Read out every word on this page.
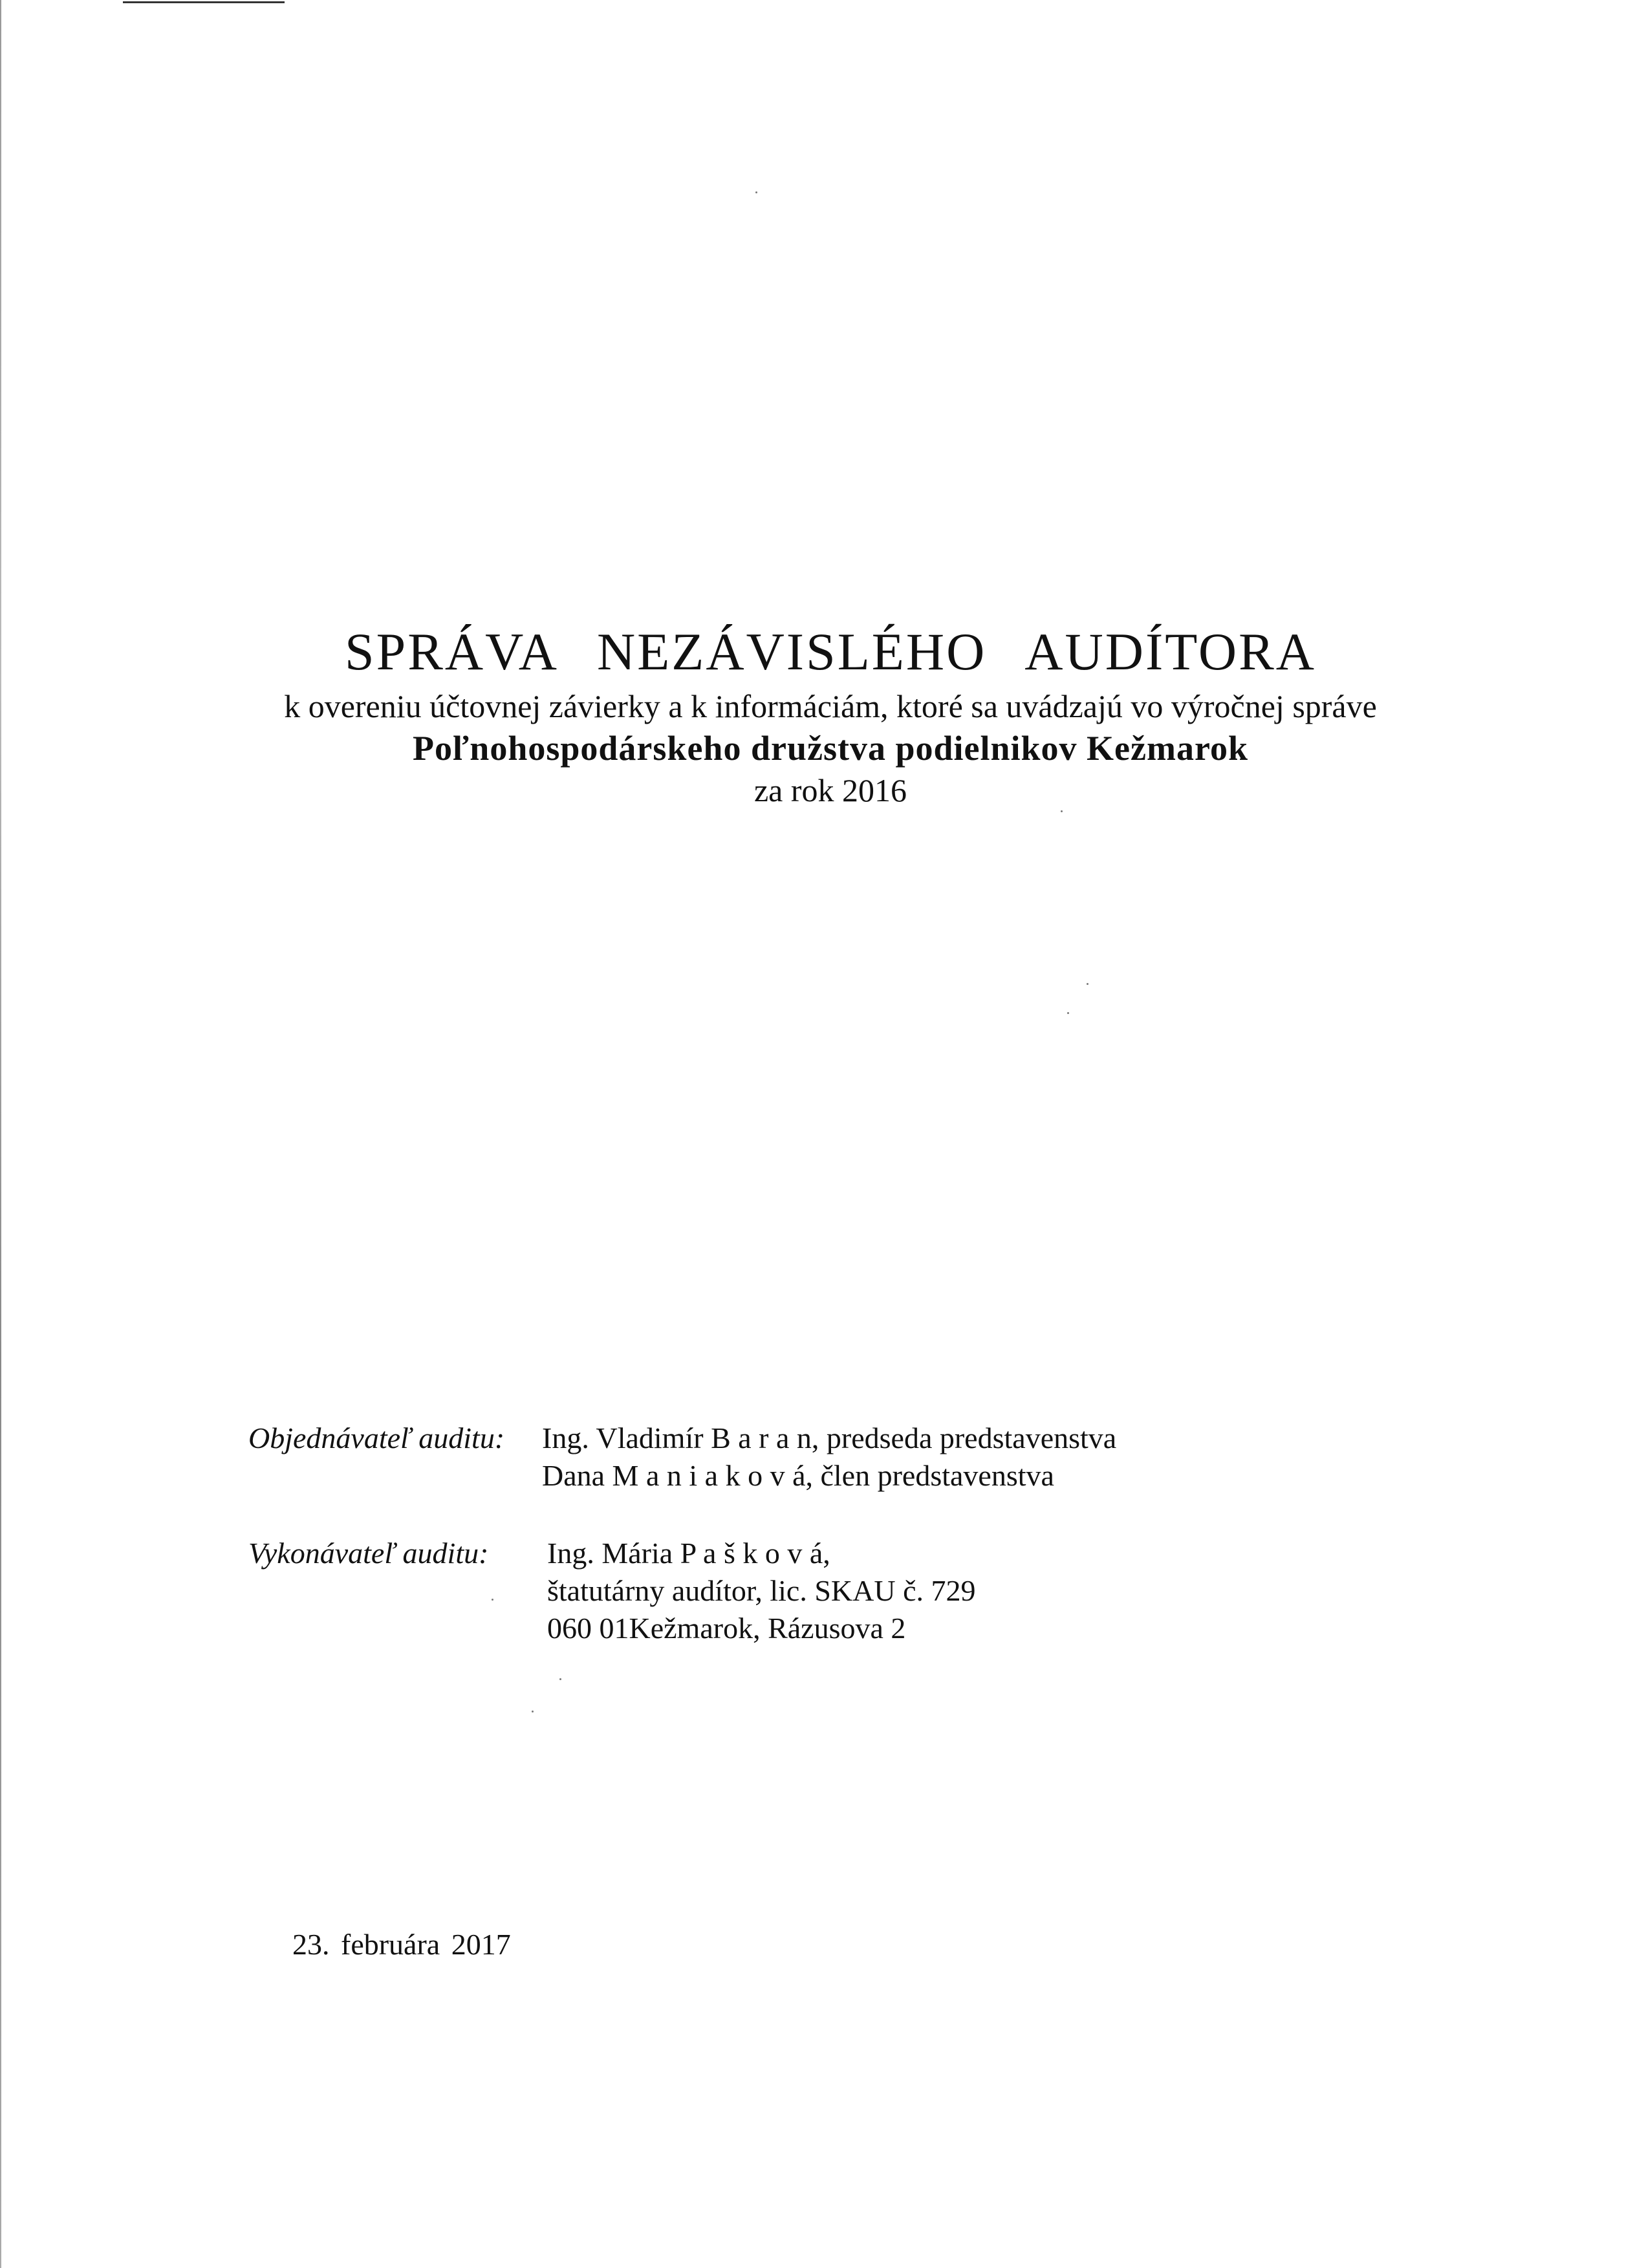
SPRÁVA NEZÁVISLÉHO AUDÍTORA
k overeniu účtovnej závierky a k informáciám, ktoré sa uvádzajú vo výročnej správe
Poľnohospodárskeho družstva podielnikov Kežmarok
za rok 2016
Objednávateľ auditu: Ing. Vladimír B a r a n, predseda predstavenstva
Dana M a n i a k o v á, člen predstavenstva
Vykonávateľ auditu: Ing. Mária P a š k o v á,
štatutárny audítor, lic. SKAU č. 729
060 01Kežmarok, Rázusova 2
23. februára 2017
